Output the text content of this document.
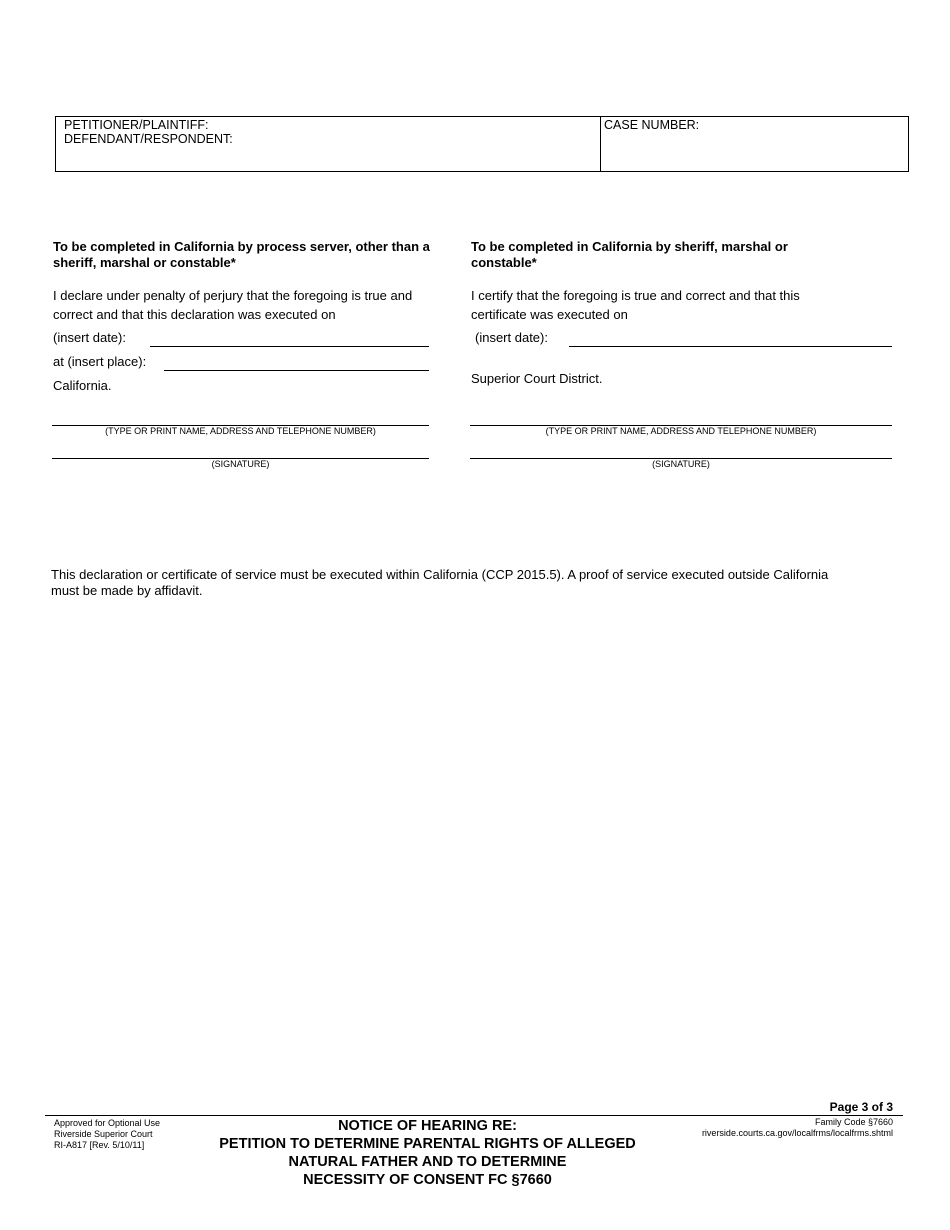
PETITIONER/PLAINTIFF:
DEFENDANT/RESPONDENT:
CASE NUMBER:
To be completed in California by process server, other than a sheriff, marshal or constable*
I declare under penalty of perjury that the foregoing is true and correct and that this declaration was executed on
(insert date):
at (insert place):
California.
(TYPE OR PRINT NAME, ADDRESS AND TELEPHONE NUMBER)
(SIGNATURE)
To be completed in California by sheriff, marshal or constable*
I certify that the foregoing is true and correct and that this certificate was executed on
(insert date):
Superior Court District.
(TYPE OR PRINT NAME, ADDRESS AND TELEPHONE NUMBER)
(SIGNATURE)
This declaration or certificate of service must be executed within California (CCP 2015.5). A proof of service executed outside California must be made by affidavit.
Page 3 of 3
Approved for Optional Use
Riverside Superior Court
RI-A817 [Rev. 5/10/11]
NOTICE OF HEARING RE:
PETITION TO DETERMINE PARENTAL RIGHTS OF ALLEGED
NATURAL FATHER AND TO DETERMINE
NECESSITY OF CONSENT FC §7660
Family Code §7660
riverside.courts.ca.gov/localfrms/localfrms.shtml
